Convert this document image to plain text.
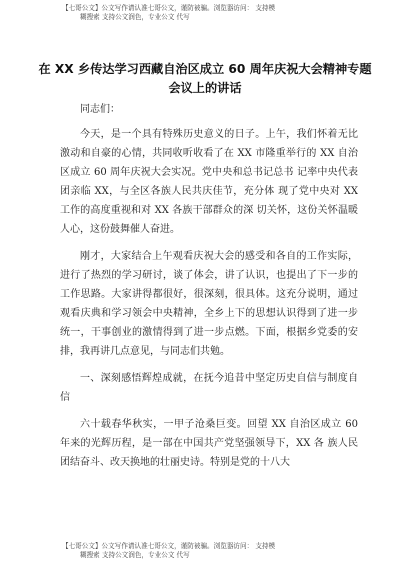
【七哥公文】公文写作请认准七哥公文，谨防被骗。浏览器访问： 支持模
糊搜索 支持公文润色，专业公文 代写
在 XX 乡传达学习西藏自治区成立 60 周年庆祝大会精神专题 会议上的讲话

同志们：

今天，是一个具有特殊历史意义的日子。上午，我们怀着无比激动和自豪的心情，共同收听收看了在 XX 市隆重举行的 XX 自治区成立 60 周年庆祝大会实况。党中央和总书记总书 记率中央代表团亲临 XX，与全区各族人民共庆佳节，充分体 现了党中央对 XX 工作的高度重视和对 XX 各族干部群众的深 切关怀，这份关怀温暖人心，这份鼓舞催人奋进。

刚才，大家结合上午观看庆祝大会的感受和各自的工作实际，进行了热烈的学习研讨，谈了体会，讲了认识，也提出了下一步的工作思路。大家讲得都很好，很深刻，很具体。这充分说明，通过观看庆典和学习领会中央精神，全乡上下的思想认识得到了进一步统一，干事创业的激情得到了进一步点燃。下面，根据乡党委的安排，我再讲几点意见，与同志们共勉。

一、深刻感悟辉煌成就，在抚今追昔中坚定历史自信与制度自信

六十载春华秋实，一甲子沧桑巨变。回望 XX 自治区成立 60 年来的光辉历程，是一部在中国共产党坚强领导下，XX 各 族人民团结奋斗、改天换地的壮丽史诗。特别是党的十八大

【七哥公文】公文写作请认准七哥公文，谨防被骗。浏览器访问： 支持模
糊搜索 支持公文润色，专业公文 代写
